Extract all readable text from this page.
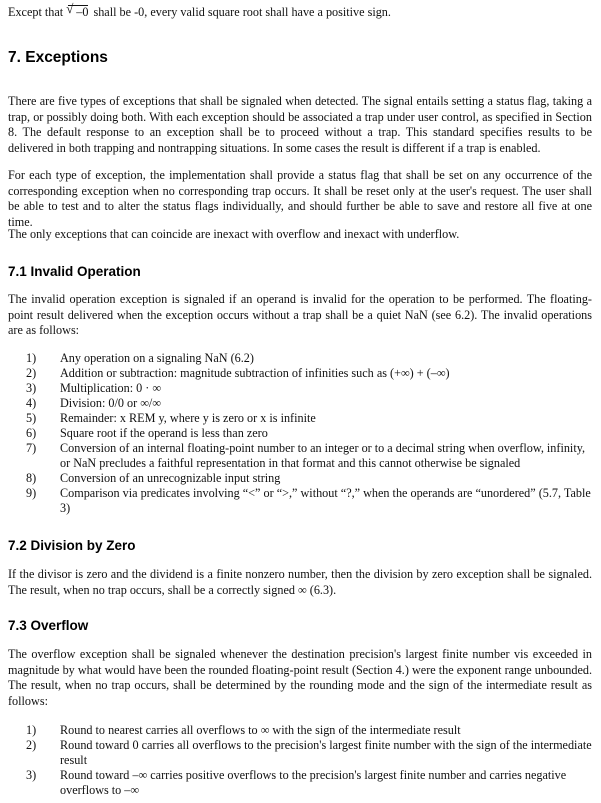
Except that √ –0 shall be -0, every valid square root shall have a positive sign.

7. Exceptions

There are five types of exceptions that shall be signaled when detected. The signal entails setting a status flag, taking a trap, or possibly doing both. With each exception should be associated a trap under user control, as specified in Section 8. The default response to an exception shall be to proceed without a trap. This standard specifies results to be delivered in both trapping and nontrapping situations. In some cases the result is different if a trap is enabled.

For each type of exception, the implementation shall provide a status flag that shall be set on any occurrence of the corresponding exception when no corresponding trap occurs. It shall be reset only at the user's request. The user shall be able to test and to alter the status flags individually, and should further be able to save and restore all five at one time.

The only exceptions that can coincide are inexact with overflow and inexact with underflow.

7.1 Invalid Operation

The invalid operation exception is signaled if an operand is invalid for the operation to be performed. The floating-point result delivered when the exception occurs without a trap shall be a quiet NaN (see 6.2). The invalid operations are as follows:

1)	Any operation on a signaling NaN (6.2)
2)	Addition or subtraction: magnitude subtraction of infinities such as (+∞) + (–∞)
3)	Multiplication: 0 · ∞
4)	Division: 0/0 or ∞/∞
5)	Remainder: x REM y, where y is zero or x is infinite
6)	Square root if the operand is less than zero
7)	Conversion of an internal floating-point number to an integer or to a decimal string when overflow, infinity, or NaN precludes a faithful representation in that format and this cannot otherwise be signaled
8)	Conversion of an unrecognizable input string
9)	Comparison via predicates involving “<” or “>,” without “?,” when the operands are “unordered” (5.7, Table 3)
7.2 Division by Zero

If the divisor is zero and the dividend is a finite nonzero number, then the division by zero exception shall be signaled. The result, when no trap occurs, shall be a correctly signed ∞ (6.3).

7.3 Overflow

The overflow exception shall be signaled whenever the destination precision's largest finite number vis exceeded in magnitude by what would have been the rounded floating-point result (Section 4.) were the exponent range unbounded. The result, when no trap occurs, shall be determined by the rounding mode and the sign of the intermediate result as follows:

1)	Round to nearest carries all overflows to ∞ with the sign of the intermediate result
2)	Round toward 0 carries all overflows to the precision's largest finite number with the sign of the intermediate result
3)	Round toward –∞ carries positive overflows to the precision's largest finite number and carries negative overflows to –∞
